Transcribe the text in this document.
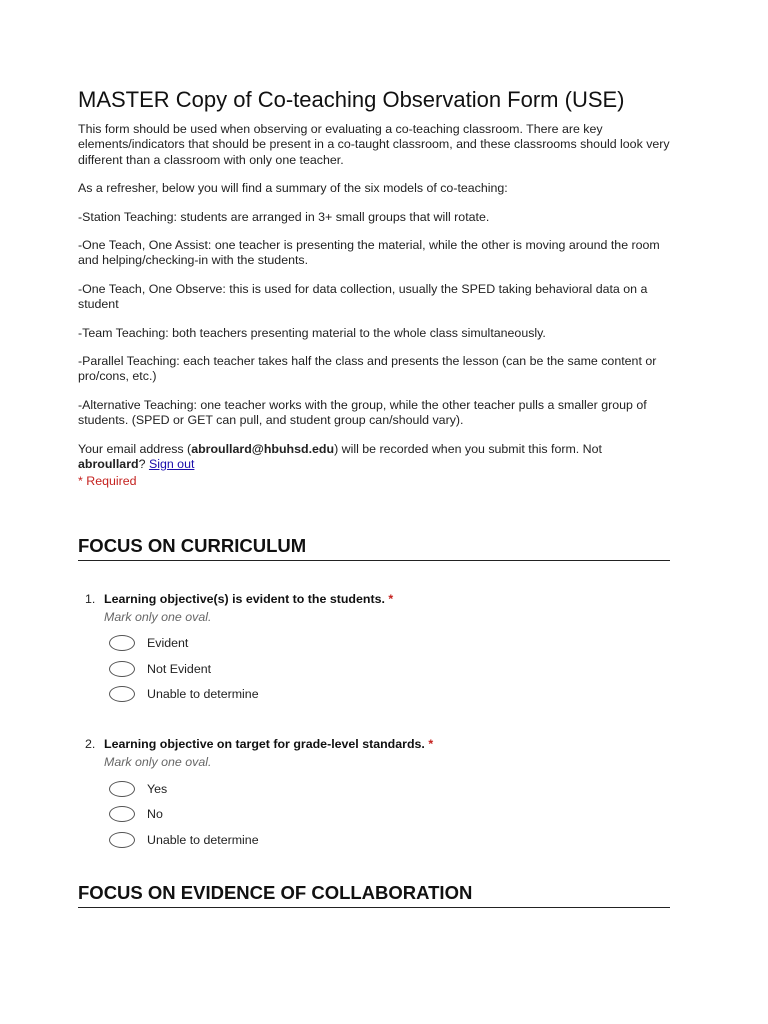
MASTER Copy of Co-teaching Observation Form (USE)

This form should be used when observing or evaluating a co-teaching classroom. There are key elements/indicators that should be present in a co-taught classroom, and these classrooms should look very different than a classroom with only one teacher.

As a refresher, below you will find a summary of the six models of co-teaching:

-Station Teaching: students are arranged in 3+ small groups that will rotate.

-One Teach, One Assist: one teacher is presenting the material, while the other is moving around the room and helping/checking-in with the students.

-One Teach, One Observe: this is used for data collection, usually the SPED taking behavioral data on a student

-Team Teaching: both teachers presenting material to the whole class simultaneously.

-Parallel Teaching: each teacher takes half the class and presents the lesson (can be the same content or pro/cons, etc.)

-Alternative Teaching: one teacher works with the group, while the other teacher pulls a smaller group of students. (SPED or GET can pull, and student group can/should vary).

Your email address (abroullard@hbuhsd.edu) will be recorded when you submit this form. Not abroullard? Sign out

* Required
FOCUS ON CURRICULUM
1. Learning objective(s) is evident to the students. *
Mark only one oval.
Evident
Not Evident
Unable to determine
2. Learning objective on target for grade-level standards. *
Mark only one oval.
Yes
No
Unable to determine
FOCUS ON EVIDENCE OF COLLABORATION
